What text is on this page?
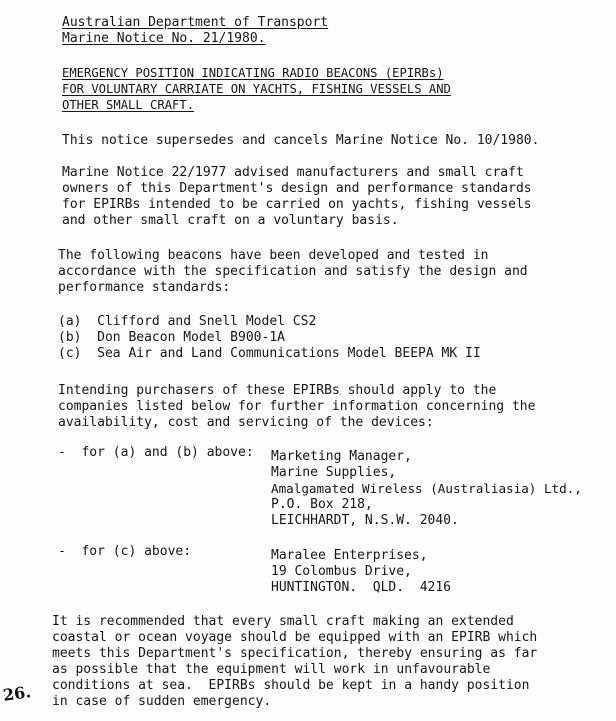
Australian Department of Transport
Marine Notice No. 21/1980.
EMERGENCY POSITION INDICATING RADIO BEACONS (EPIRBs)
FOR VOLUNTARY CARRIATE ON YACHTS, FISHING VESSELS AND
OTHER SMALL CRAFT.
This notice supersedes and cancels Marine Notice No. 10/1980.
Marine Notice 22/1977 advised manufacturers and small craft
owners of this Department's design and performance standards
for EPIRBs intended to be carried on yachts, fishing vessels
and other small craft on a voluntary basis.
The following beacons have been developed and tested in
accordance with the specification and satisfy the design and
performance standards:
(a)  Clifford and Snell Model CS2
(b)  Don Beacon Model B900-1A
(c)  Sea Air and Land Communications Model BEEPA MK II
Intending purchasers of these EPIRBs should apply to the
companies listed below for further information concerning the
availability, cost and servicing of the devices:
-  for (a) and (b) above: Marketing Manager,
Marine Supplies,
Amalgamated Wireless (Australiasia) Ltd.,
P.O. Box 218,
LEICHHARDT, N.S.W. 2040.
-  for (c) above:	Maralee Enterprises,
19 Colombus Drive,
HUNTINGTON.  QLD.  4216
It is recommended that every small craft making an extended
coastal or ocean voyage should be equipped with an EPIRB which
meets this Department's specification, thereby ensuring as far
as possible that the equipment will work in unfavourable
conditions at sea.  EPIRBs should be kept in a handy position
in case of sudden emergency.
26.
